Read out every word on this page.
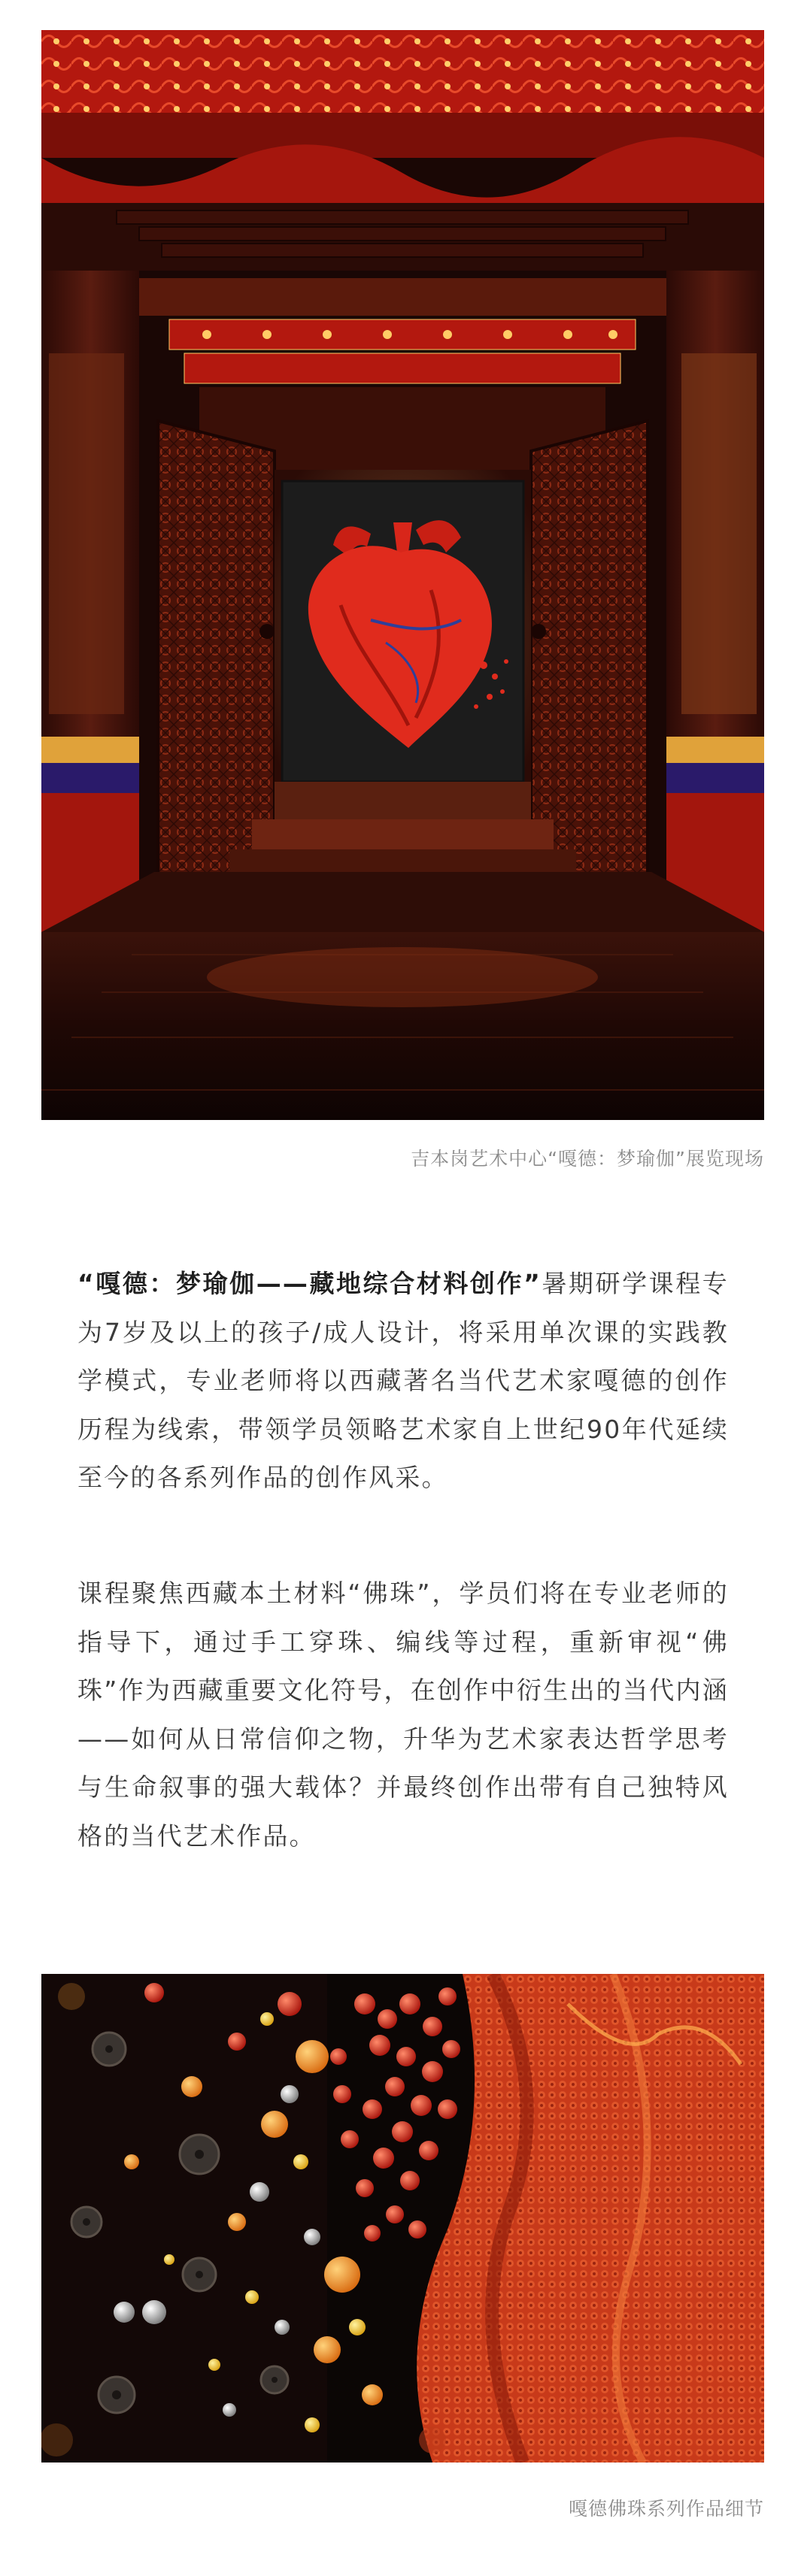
吉本岗艺术中心“嘎德：梦瑜伽”展览现场

“嘎德：梦瑜伽——藏地综合材料创作”暑期研学课程专为7岁及以上的孩子/成人设计，将采用单次课的实践教学模式，专业老师将以西藏著名当代艺术家嘎德的创作历程为线索，带领学员领略艺术家自上世纪90年代延续至今的各系列作品的创作风采。

课程聚焦西藏本土材料“佛珠”，学员们将在专业老师的指导下，通过手工穿珠、编线等过程，重新审视“佛珠”作为西藏重要文化符号，在创作中衍生出的当代内涵——如何从日常信仰之物，升华为艺术家表达哲学思考与生命叙事的强大载体？并最终创作出带有自己独特风格的当代艺术作品。

嘎德佛珠系列作品细节
